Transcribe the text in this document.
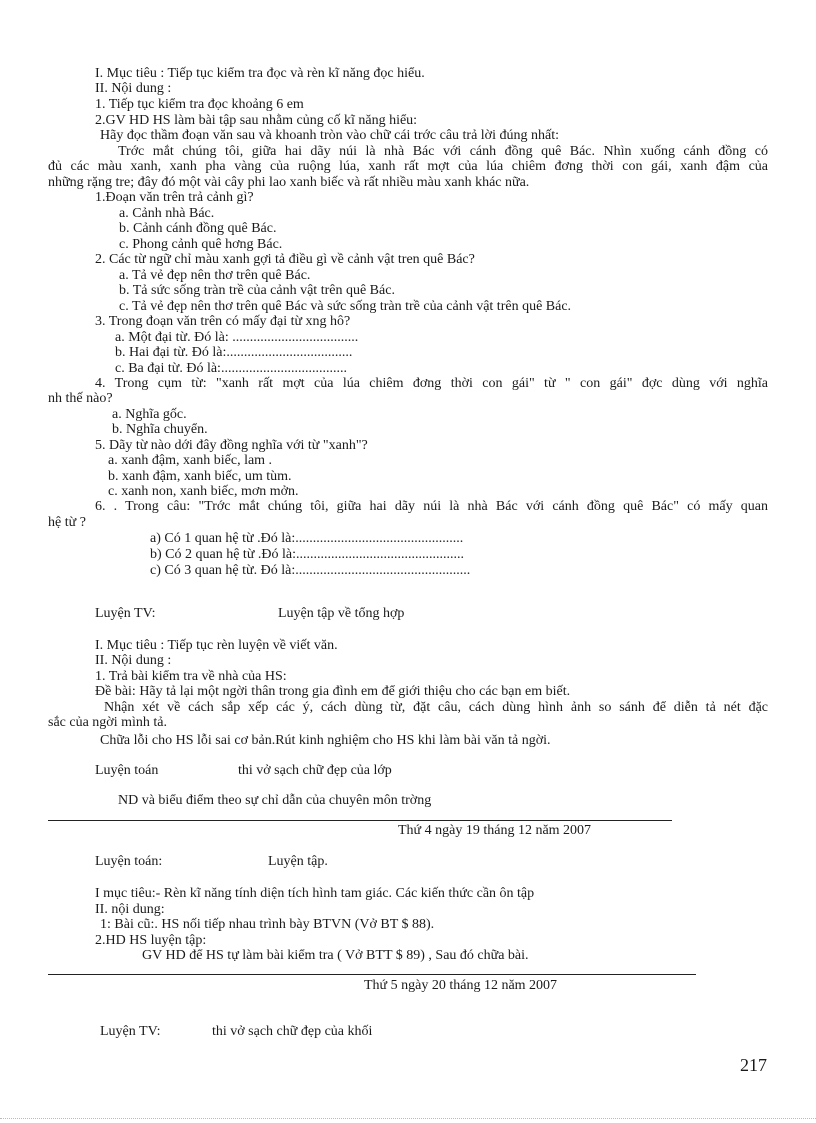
I. Mục tiêu : Tiếp tục kiểm tra đọc và rèn kĩ năng đọc hiểu.
II. Nội dung :
1. Tiếp tục kiểm tra đọc khoảng 6 em
2.GV HD HS làm bài tập sau nhằm củng cố kĩ năng hiểu:
Hãy đọc thầm đoạn văn sau và khoanh tròn vào chữ cái trớc câu trả lời đúng nhất:
Trớc mắt chúng tôi, giữa hai dãy núi là nhà Bác với cánh đồng quê Bác. Nhìn xuống cánh đồng có
đủ các màu xanh, xanh pha vàng của ruộng lúa, xanh rất mợt của lúa chiêm đơng thời con gái, xanh đậm của
những rặng tre; đây đó một vài cây phi lao xanh biếc và rất nhiều màu xanh khác nữa.
1.Đoạn văn trên trả cảnh gì?
a. Cảnh nhà Bác.
b. Cảnh cánh đồng quê Bác.
c. Phong cảnh quê hơng Bác.
2. Các từ ngữ chỉ màu xanh gợi tả điều gì về cảnh vật tren quê Bác?
a. Tả vẻ đẹp nên thơ trên quê Bác.
b. Tả sức sống tràn trề của cảnh vật trên quê Bác.
c. Tả vẻ đẹp nên thơ trên quê Bác và sức sống tràn trề của cảnh vật trên quê Bác.
3. Trong đoạn văn trên có mấy đại từ xng hô?
a. Một đại từ. Đó là: ....................................
b. Hai đại từ. Đó là:....................................
c. Ba đại từ. Đó là:....................................
4. Trong cụm từ: "xanh rất mợt của lúa chiêm đơng thời con gái" từ " con gái" đợc dùng với nghĩa
nh thế nào?
a. Nghĩa gốc.
b. Nghĩa chuyển.
5. Dãy từ nào dới đây đồng nghĩa với từ "xanh"?
a. xanh đậm, xanh biếc, lam .
b. xanh đậm, xanh biếc, um tùm.
c. xanh non, xanh biếc, mơn mởn.
6. . Trong câu: "Trớc mắt chúng tôi, giữa hai dãy núi là nhà Bác với cánh đồng quê Bác" có mấy quan
hệ từ ?
a) Có 1 quan hệ từ .Đó là:................................................
b) Có 2 quan hệ từ .Đó là:................................................
c) Có 3 quan hệ từ. Đó là:..................................................
Luyện TV:	Luyện tập về tổng hợp
I. Mục tiêu : Tiếp tục rèn luyện về viết văn.
II. Nội dung :
1. Trả bài kiểm tra về nhà của HS:
Đề bài: Hãy tả lại một ngời thân trong gia đình em để giới thiệu cho các bạn em biết.
Nhận xét về cách sắp xếp các ý, cách dùng từ, đặt câu, cách dùng hình ảnh so sánh để diễn tả nét đặc
sắc của ngời mình tả.
Chữa lỗi cho HS lỗi sai cơ bản.Rút kinh nghiệm cho HS khi làm bài văn tả ngời.
Luyện toán	thi vở sạch chữ đẹp của lớp
ND và biểu điểm theo sự chỉ dẫn của chuyên môn trờng
Thứ 4 ngày 19 tháng 12 năm 2007
Luyện toán:	Luyện tập.
I mục tiêu:- Rèn kĩ năng tính diện tích hình tam giác. Các kiến thức cần ôn tập
II. nội dung:
1: Bài cũ:. HS nối tiếp nhau trình bày BTVN (Vở BT $ 88).
2.HD HS luyện tập:
GV HD để HS tự làm bài kiểm tra ( Vở BTT $ 89) , Sau đó chữa bài.
Thứ 5 ngày 20 tháng 12 năm 2007
Luyện TV:	thi vở sạch chữ đẹp của khối
217
